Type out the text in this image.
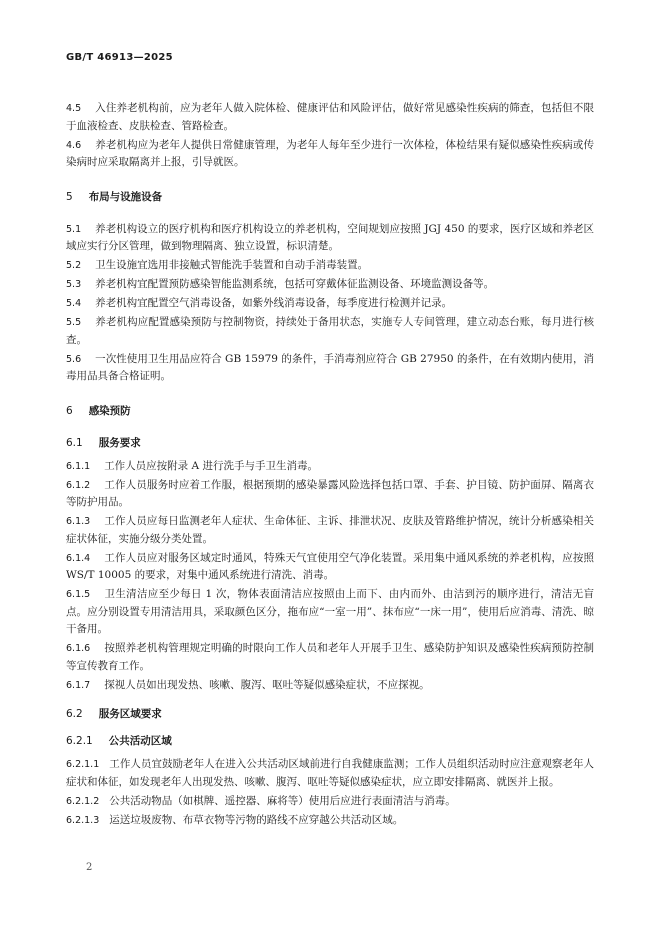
GB/T 46913—2025

4.5 入住养老机构前，应为老年人做入院体检、健康评估和风险评估，做好常见感染性疾病的筛查，包括但不限于血液检查、皮肤检查、管路检查。

4.6 养老机构应为老年人提供日常健康管理，为老年人每年至少进行一次体检，体检结果有疑似感染性疾病或传染病时应采取隔离并上报，引导就医。

5 布局与设施设备

5.1 养老机构设立的医疗机构和医疗机构设立的养老机构，空间规划应按照 JGJ 450 的要求，医疗区域和养老区域应实行分区管理，做到物理隔离、独立设置，标识清楚。

5.2 卫生设施宜选用非接触式智能洗手装置和自动手消毒装置。

5.3 养老机构宜配置预防感染智能监测系统，包括可穿戴体征监测设备、环境监测设备等。

5.4 养老机构宜配置空气消毒设备，如紫外线消毒设备，每季度进行检测并记录。

5.5 养老机构应配置感染预防与控制物资，持续处于备用状态，实施专人专间管理，建立动态台账，每月进行核查。

5.6 一次性使用卫生用品应符合 GB 15979 的条件，手消毒剂应符合 GB 27950 的条件，在有效期内使用，消毒用品具备合格证明。

6 感染预防
6.1 服务要求

6.1.1 工作人员应按附录 A 进行洗手与手卫生消毒。

6.1.2 工作人员服务时应着工作服，根据预期的感染暴露风险选择包括口罩、手套、护目镜、防护面屏、隔离衣等防护用品。

6.1.3 工作人员应每日监测老年人症状、生命体征、主诉、排泄状况、皮肤及管路维护情况，统计分析感染相关症状体征，实施分级分类处置。

6.1.4 工作人员应对服务区域定时通风，特殊天气宜使用空气净化装置。采用集中通风系统的养老机构，应按照 WS/T 10005 的要求，对集中通风系统进行清洗、消毒。

6.1.5 卫生清洁应至少每日 1 次，物体表面清洁应按照由上而下、由内而外、由洁到污的顺序进行，清洁无盲点。应分别设置专用清洁用具，采取颜色区分，拖布应“一室一用”、抹布应“一床一用”，使用后应消毒、清洗、晾干备用。

6.1.6 按照养老机构管理规定明确的时限向工作人员和老年人开展手卫生、感染防护知识及感染性疾病预防控制等宣传教育工作。

6.1.7 探视人员如出现发热、咳嗽、腹泻、呕吐等疑似感染症状，不应探视。

6.2 服务区域要求
6.2.1 公共活动区域

6.2.1.1 工作人员宜鼓励老年人在进入公共活动区域前进行自我健康监测；工作人员组织活动时应注意观察老年人症状和体征，如发现老年人出现发热、咳嗽、腹泻、呕吐等疑似感染症状，应立即安排隔离、就医并上报。

6.2.1.2 公共活动物品（如棋牌、遥控器、麻将等）使用后应进行表面清洁与消毒。

6.2.1.3 运送垃圾废物、布草衣物等污物的路线不应穿越公共活动区域。

2
